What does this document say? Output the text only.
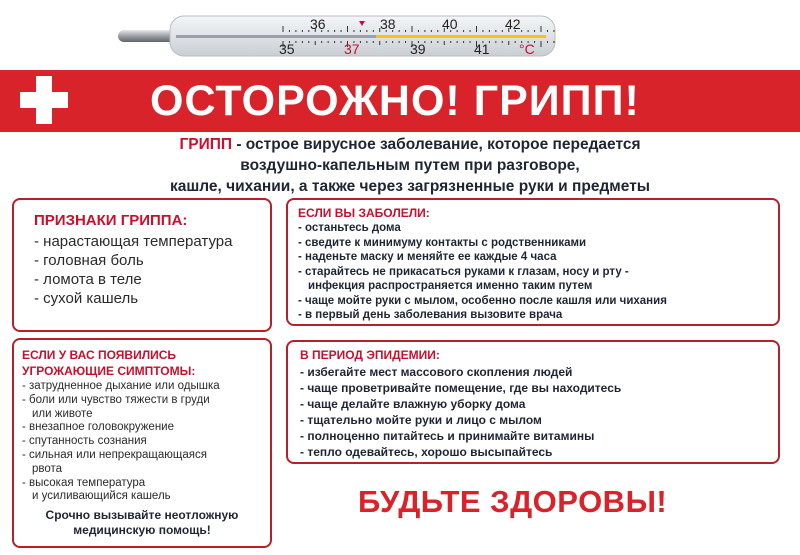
36	38	40	42
35	37	39	41 °C
ОСТОРОЖНО! ГРИПП!
ГРИПП - острое вирусное заболевание, которое передается
воздушно-капельным путем при разговоре,
кашле, чихании, а также через загрязненные руки и предметы
ПРИЗНАКИ ГРИППА:
- нарастающая температура
- головная боль
- ломота в теле
- сухой кашель
ЕСЛИ ВЫ ЗАБОЛЕЛИ:
- останьтесь дома
- сведите к минимуму контакты с родственниками
- наденьте маску и меняйте ее каждые 4 часа
- старайтесь не прикасаться руками к глазам, носу и рту -
инфекция распространяется именно таким путем
- чаще мойте руки с мылом, особенно после кашля или чихания
- в первый день заболевания вызовите врача
ЕСЛИ У ВАС ПОЯВИЛИСЬ
УГРОЖАЮЩИЕ СИМПТОМЫ:
- затрудненное дыхание или одышка
- боли или чувство тяжести в груди
или животе
- внезапное головокружение
- спутанность сознания
- сильная или непрекращающаяся
рвота
- высокая температура
и усиливающийся кашель
Срочно вызывайте неотложную
медицинскую помощь!
В ПЕРИОД ЭПИДЕМИИ:
- избегайте мест массового скопления людей
- чаще проветривайте помещение, где вы находитесь
- чаще делайте влажную уборку дома
- тщательно мойте руки и лицо с мылом
- полноценно питайтесь и принимайте витамины
- тепло одевайтесь, хорошо высыпайтесь
БУДЬТЕ ЗДОРОВЫ!
